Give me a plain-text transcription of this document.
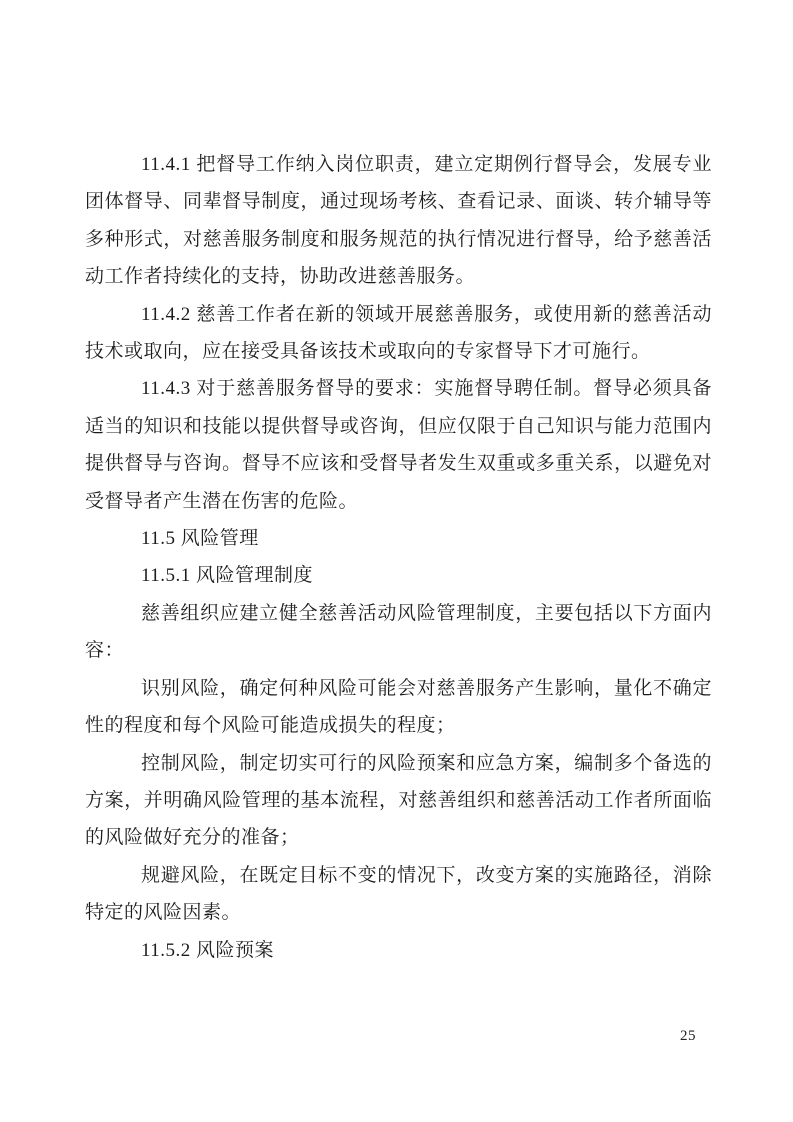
11.4.1 把督导工作纳入岗位职责，建立定期例行督导会，发展专业团体督导、同辈督导制度，通过现场考核、查看记录、面谈、转介辅导等多种形式，对慈善服务制度和服务规范的执行情况进行督导，给予慈善活动工作者持续化的支持，协助改进慈善服务。

11.4.2 慈善工作者在新的领域开展慈善服务，或使用新的慈善活动技术或取向，应在接受具备该技术或取向的专家督导下才可施行。

11.4.3 对于慈善服务督导的要求：实施督导聘任制。督导必须具备适当的知识和技能以提供督导或咨询，但应仅限于自己知识与能力范围内提供督导与咨询。督导不应该和受督导者发生双重或多重关系，以避免对受督导者产生潜在伤害的危险。

11.5 风险管理

11.5.1 风险管理制度

慈善组织应建立健全慈善活动风险管理制度，主要包括以下方面内容：

识别风险，确定何种风险可能会对慈善服务产生影响，量化不确定性的程度和每个风险可能造成损失的程度；

控制风险，制定切实可行的风险预案和应急方案，编制多个备选的方案，并明确风险管理的基本流程，对慈善组织和慈善活动工作者所面临的风险做好充分的准备；

规避风险，在既定目标不变的情况下，改变方案的实施路径，消除特定的风险因素。

11.5.2 风险预案

25
